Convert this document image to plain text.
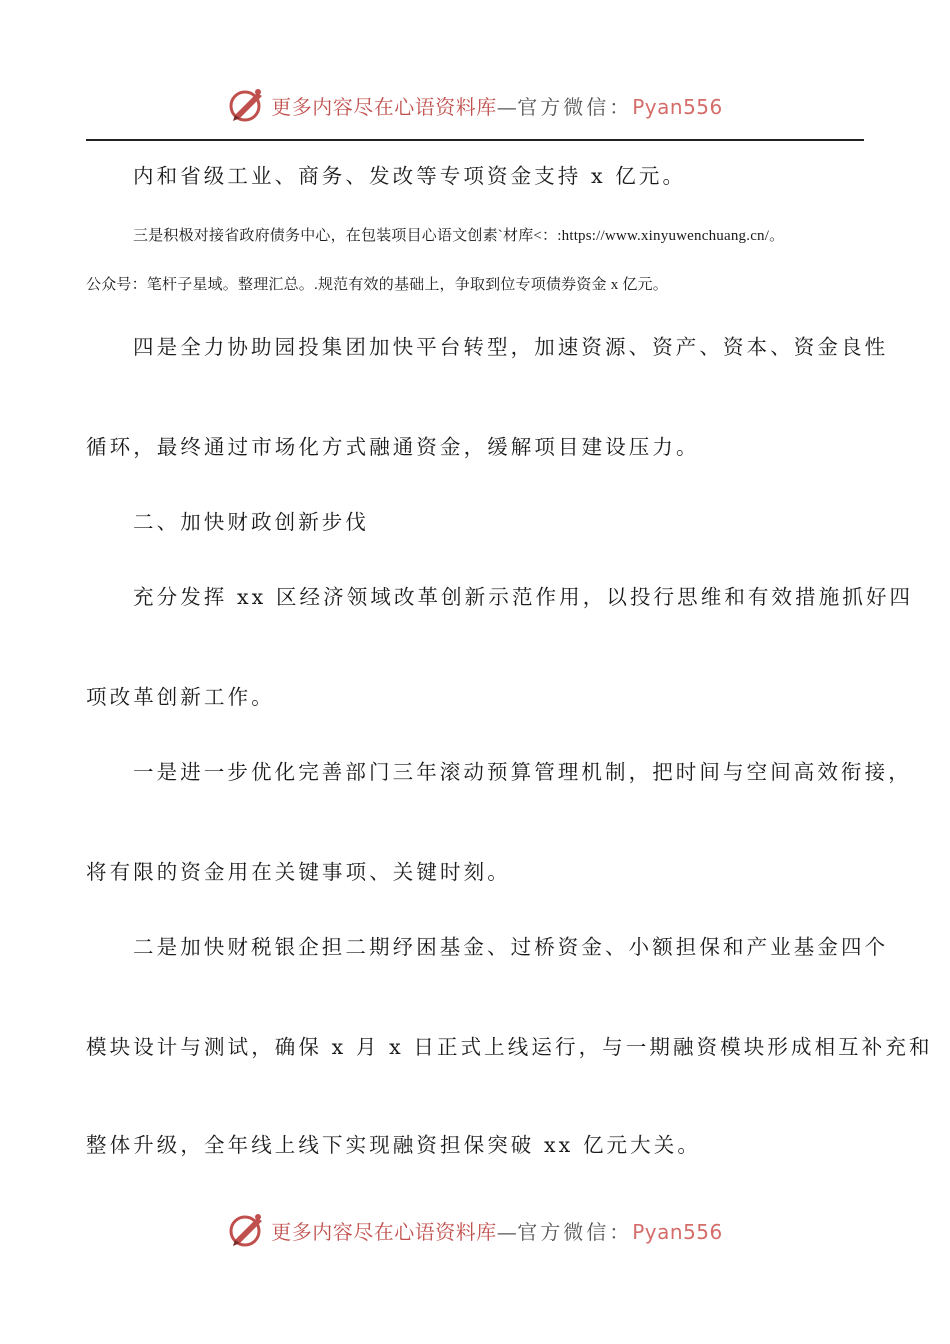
更多内容尽在心语资料库—官方微信：Pyan556

内和省级工业、商务、发改等专项资金支持 x 亿元。

三是积极对接省政府债务中心，在包装项目心语文创素`材库<：:https://www.xinyuwenchuang.cn/。

公众号：笔杆子星域。整理汇总。.规范有效的基础上，争取到位专项债券资金 x 亿元。

四是全力协助园投集团加快平台转型，加速资源、资产、资本、资金良性

循环，最终通过市场化方式融通资金，缓解项目建设压力。

二、加快财政创新步伐

充分发挥 xx 区经济领域改革创新示范作用，以投行思维和有效措施抓好四

项改革创新工作。

一是进一步优化完善部门三年滚动预算管理机制，把时间与空间高效衔接，

将有限的资金用在关键事项、关键时刻。

二是加快财税银企担二期纾困基金、过桥资金、小额担保和产业基金四个

模块设计与测试，确保 x 月 x 日正式上线运行，与一期融资模块形成相互补充和

整体升级，全年线上线下实现融资担保突破 xx 亿元大关。

更多内容尽在心语资料库—官方微信：Pyan556
